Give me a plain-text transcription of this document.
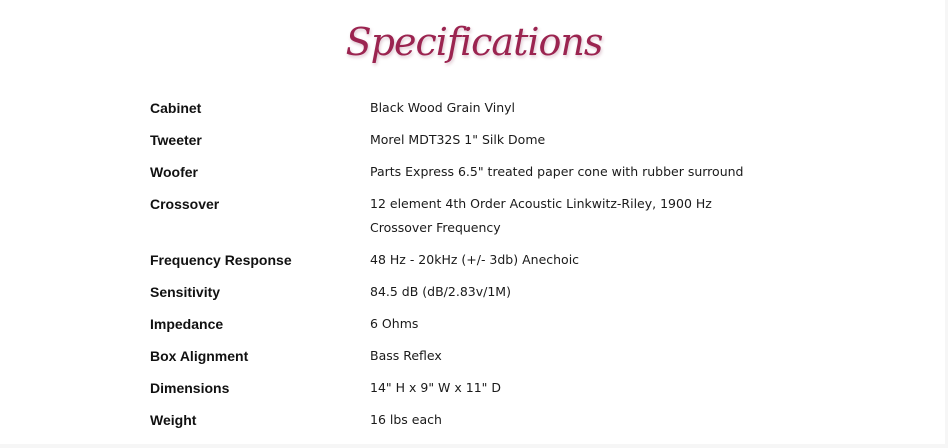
Specifications
Cabinet	Black Wood Grain Vinyl
Tweeter	Morel MDT32S 1" Silk Dome
Woofer	Parts Express 6.5" treated paper cone with rubber surround
Crossover	12 element 4th Order Acoustic Linkwitz-Riley, 1900 Hz Crossover Frequency
Frequency Response	48 Hz - 20kHz (+/- 3db) Anechoic
Sensitivity	84.5 dB (dB/2.83v/1M)
Impedance	6 Ohms
Box Alignment	Bass Reflex
Dimensions	14" H x 9" W x 11" D
Weight	16 lbs each
